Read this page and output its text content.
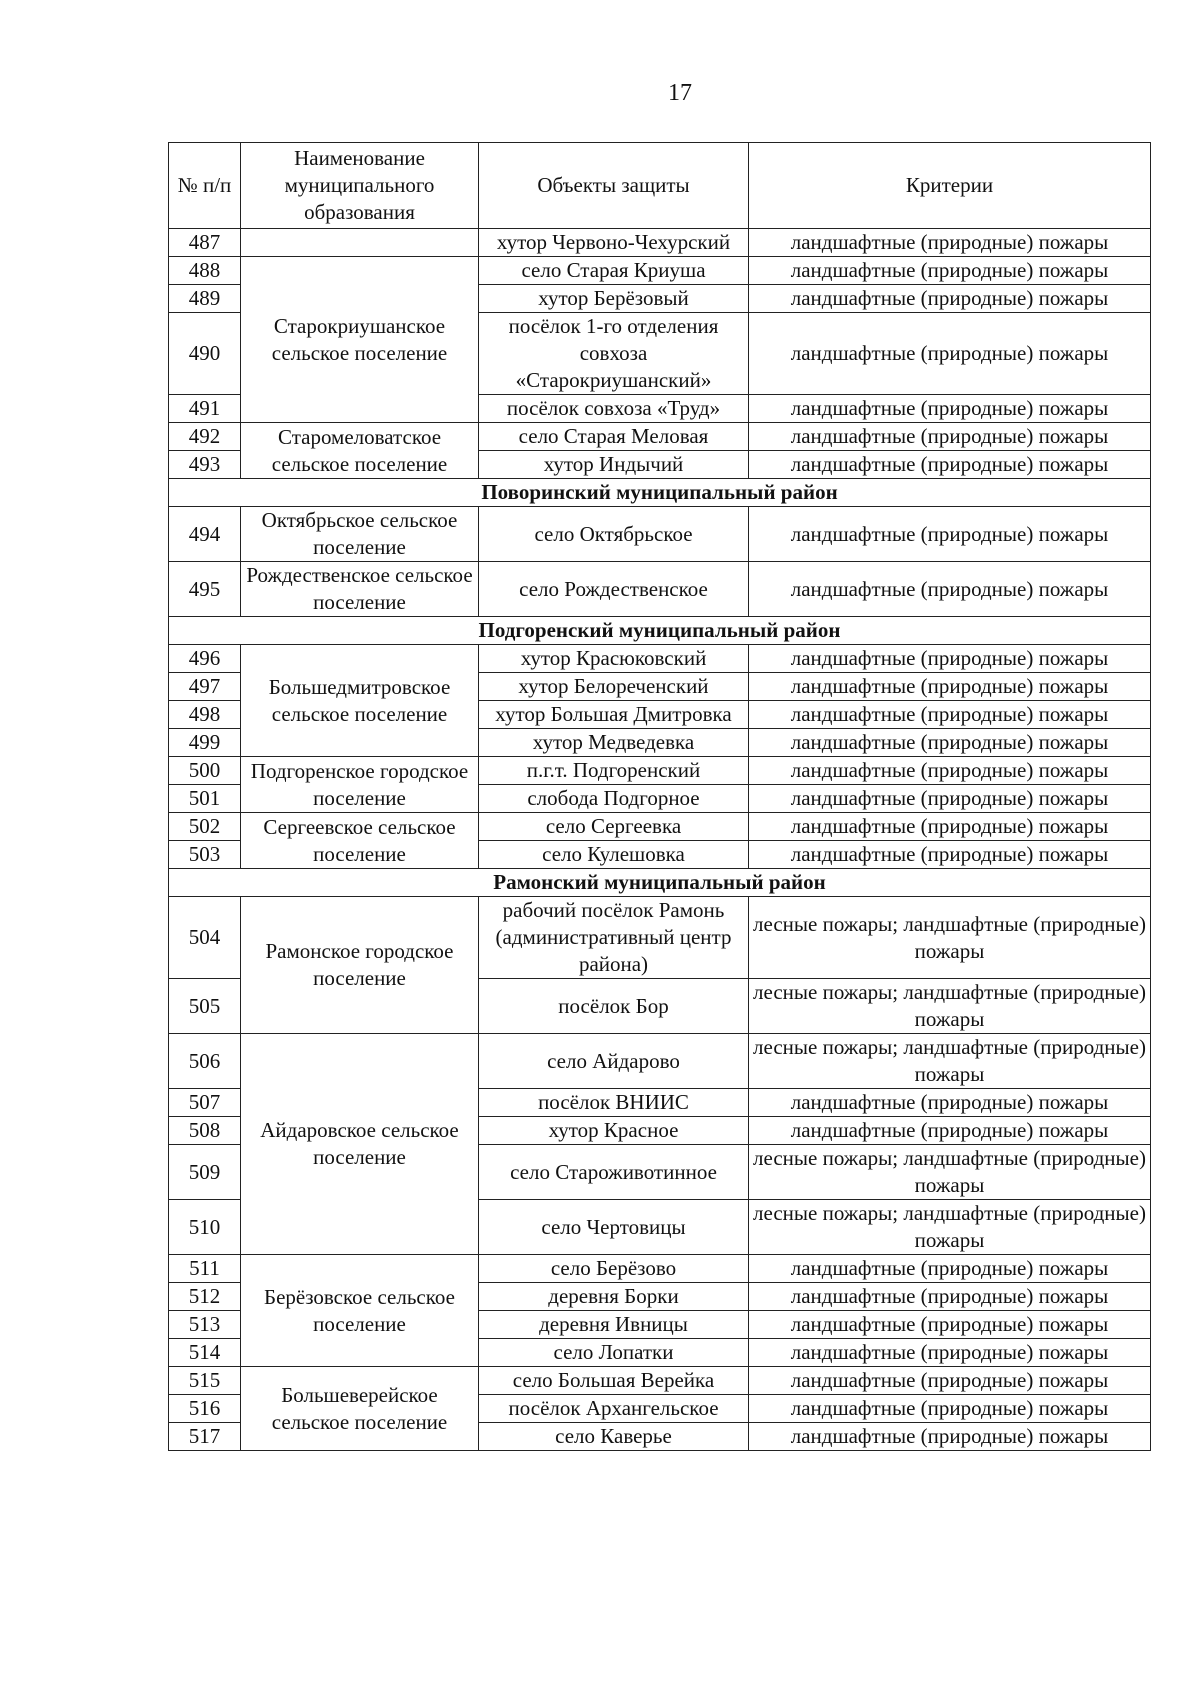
17
№ п/п	Наименование муниципального образования	Объекты защиты	Критерии
487		хутор Червоно-Чехурский	ландшафтные (природные) пожары
488	Старокриушанское сельское поселение	село Старая Криуша	ландшафтные (природные) пожары
489		хутор Берёзовый	ландшафтные (природные) пожары
490		посёлок 1-го отделения совхоза «Старокриушанский»	ландшафтные (природные) пожары
491		посёлок совхоза «Труд»	ландшафтные (природные) пожары
492	Старомеловатское сельское поселение	село Старая Меловая	ландшафтные (природные) пожары
493		хутор Индычий	ландшафтные (природные) пожары
Поворинский муниципальный район			
494	Октябрьское сельское поселение	село Октябрьское	ландшафтные (природные) пожары
495	Рождественское сельское поселение	село Рождественское	ландшафтные (природные) пожары
Подгоренский муниципальный район			
496	Большедмитровское сельское поселение	хутор Красюковский	ландшафтные (природные) пожары
497		хутор Белореченский	ландшафтные (природные) пожары
498		хутор Большая Дмитровка	ландшафтные (природные) пожары
499		хутор Медведевка	ландшафтные (природные) пожары
500	Подгоренское городское поселение	п.г.т. Подгоренский	ландшафтные (природные) пожары
501		слобода Подгорное	ландшафтные (природные) пожары
502	Сергеевское сельское поселение	село Сергеевка	ландшафтные (природные) пожары
503		село Кулешовка	ландшафтные (природные) пожары
Рамонский муниципальный район			
504	Рамонское городское поселение	рабочий посёлок Рамонь (административный центр района)	лесные пожары; ландшафтные (природные) пожары
505		посёлок Бор	лесные пожары; ландшафтные (природные) пожары
506	Айдаровское сельское поселение	село Айдарово	лесные пожары; ландшафтные (природные) пожары
507		посёлок ВНИИС	ландшафтные (природные) пожары
508		хутор Красное	ландшафтные (природные) пожары
509		село Староживотинное	лесные пожары; ландшафтные (природные) пожары
510		село Чертовицы	лесные пожары; ландшафтные (природные) пожары
511	Берёзовское сельское поселение	село Берёзово	ландшафтные (природные) пожары
512		деревня Борки	ландшафтные (природные) пожары
513		деревня Ивницы	ландшафтные (природные) пожары
514		село Лопатки	ландшафтные (природные) пожары
515	Большеверейское сельское поселение	село Большая Верейка	ландшафтные (природные) пожары
516		посёлок Архангельское	ландшафтные (природные) пожары
517		село Каверье	ландшафтные (природные) пожары
